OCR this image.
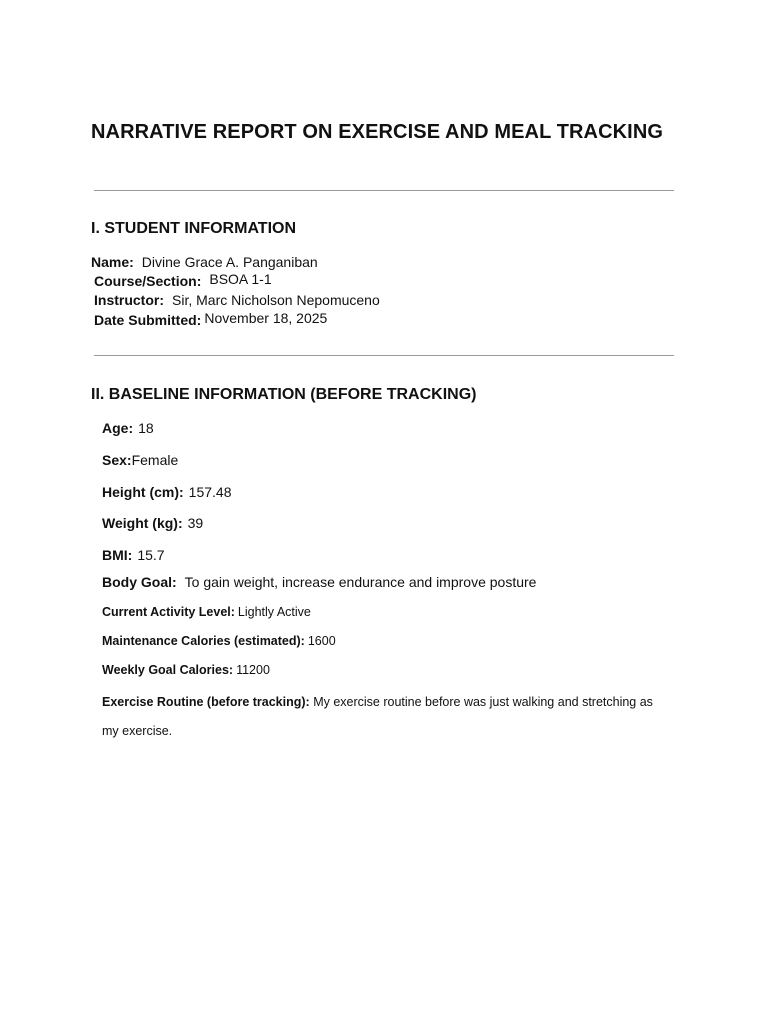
NARRATIVE REPORT ON EXERCISE AND MEAL TRACKING
I. STUDENT INFORMATION
Name: Divine Grace A. Panganiban
Course/Section: BSOA 1-1
Instructor: Sir, Marc Nicholson Nepomuceno
Date Submitted: November 18, 2025
II. BASELINE INFORMATION (BEFORE TRACKING)
Age: 18
Sex:Female
Height (cm): 157.48
Weight (kg): 39
BMI: 15.7
Body Goal: To gain weight, increase endurance and improve posture
Current Activity Level: Lightly Active
Maintenance Calories (estimated): 1600
Weekly Goal Calories: 11200

Exercise Routine (before tracking): My exercise routine before was just walking and stretching as my exercise.
